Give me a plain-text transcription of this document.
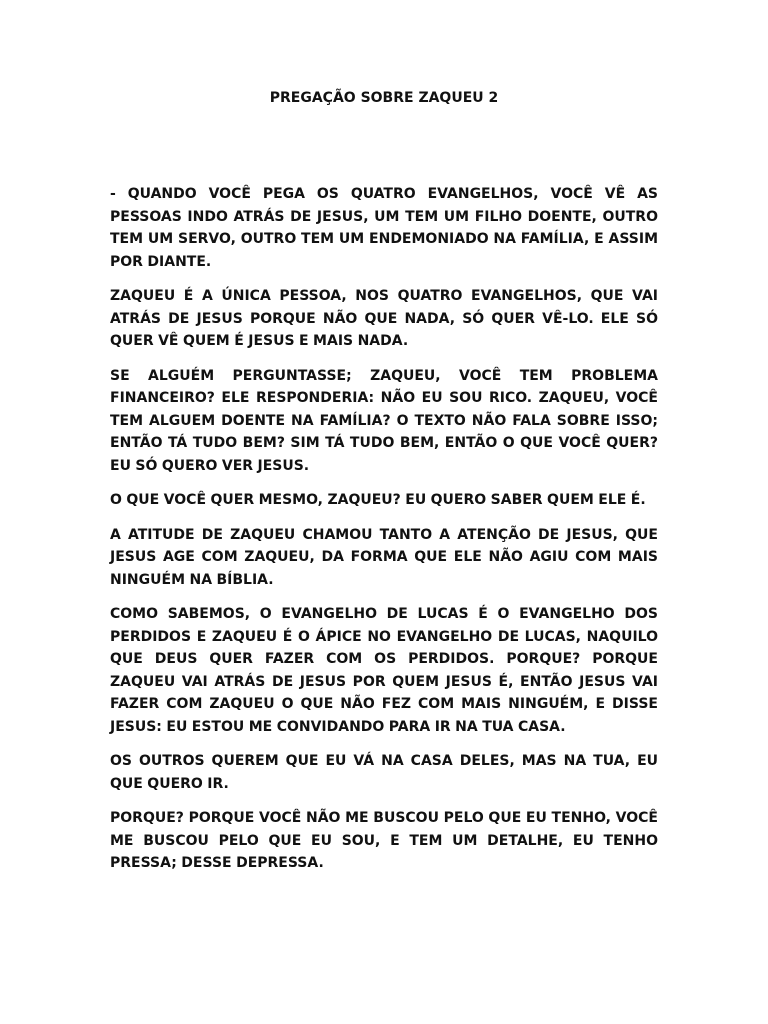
PREGAÇÃO SOBRE ZAQUEU 2

- QUANDO VOCÊ PEGA OS QUATRO EVANGELHOS, VOCÊ VÊ AS PESSOAS INDO ATRÁS DE JESUS, UM TEM UM FILHO DOENTE, OUTRO TEM UM SERVO, OUTRO TEM UM ENDEMONIADO NA FAMÍLIA, E ASSIM POR DIANTE.

ZAQUEU É A ÚNICA PESSOA, NOS QUATRO EVANGELHOS, QUE VAI ATRÁS DE JESUS PORQUE NÃO QUE NADA, SÓ QUER VÊ-LO. ELE SÓ QUER VÊ QUEM É JESUS E MAIS NADA.

SE ALGUÉM PERGUNTASSE; ZAQUEU, VOCÊ TEM PROBLEMA FINANCEIRO? ELE RESPONDERIA: NÃO EU SOU RICO. ZAQUEU, VOCÊ TEM ALGUEM DOENTE NA FAMÍLIA? O TEXTO NÃO FALA SOBRE ISSO; ENTÃO TÁ TUDO BEM? SIM TÁ TUDO BEM, ENTÃO O QUE VOCÊ QUER? EU SÓ QUERO VER JESUS.

O QUE VOCÊ QUER MESMO, ZAQUEU? EU QUERO SABER QUEM ELE É.

A ATITUDE DE ZAQUEU CHAMOU TANTO A ATENÇÃO DE JESUS, QUE JESUS AGE COM ZAQUEU, DA FORMA QUE ELE NÃO AGIU COM MAIS NINGUÉM NA BÍBLIA.

COMO SABEMOS, O EVANGELHO DE LUCAS É O EVANGELHO DOS PERDIDOS E ZAQUEU É O ÁPICE NO EVANGELHO DE LUCAS, NAQUILO QUE DEUS QUER FAZER COM OS PERDIDOS. PORQUE? PORQUE ZAQUEU VAI ATRÁS DE JESUS POR QUEM JESUS É, ENTÃO JESUS VAI FAZER COM ZAQUEU O QUE NÃO FEZ COM MAIS NINGUÉM, E DISSE JESUS: EU ESTOU ME CONVIDANDO PARA IR NA TUA CASA.

OS OUTROS QUEREM QUE EU VÁ NA CASA DELES, MAS NA TUA, EU QUE QUERO IR.

PORQUE? PORQUE VOCÊ NÃO ME BUSCOU PELO QUE EU TENHO, VOCÊ ME BUSCOU PELO QUE EU SOU, E TEM UM DETALHE, EU TENHO PRESSA; DESSE DEPRESSA.
